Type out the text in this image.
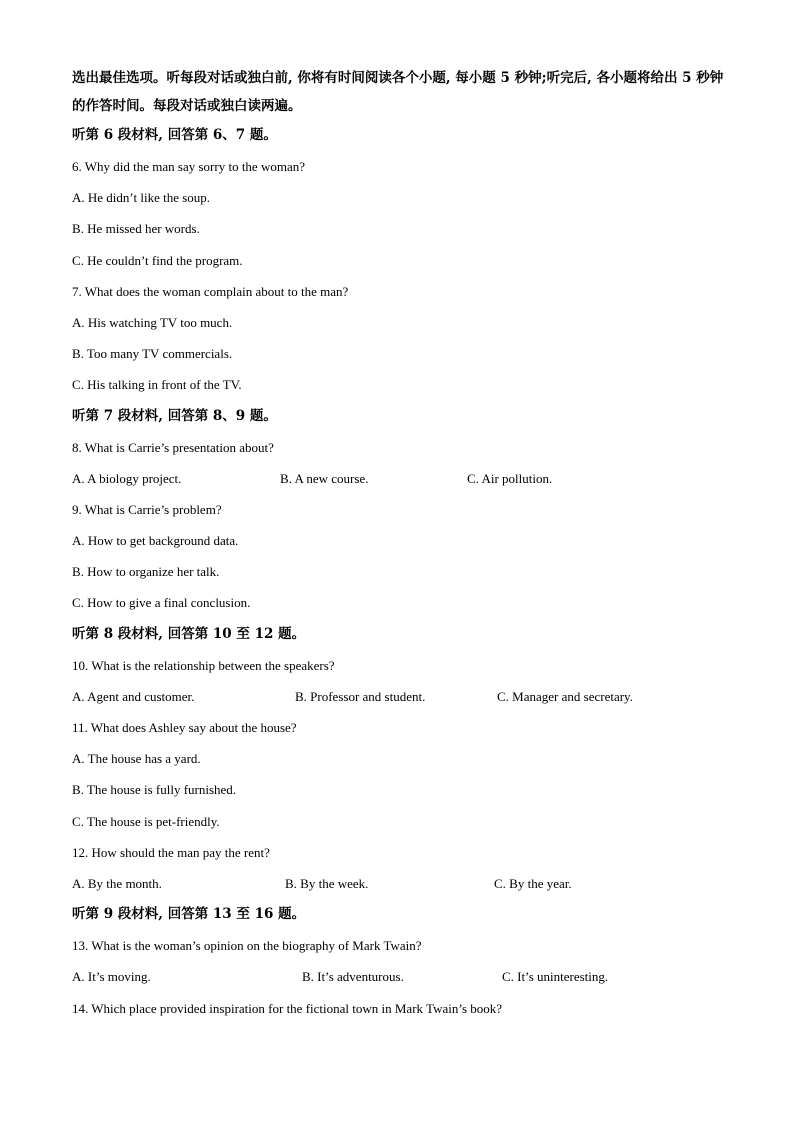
选出最佳选项。听每段对话或独白前, 你将有时间阅读各个小题, 每小题 5 秒钟;听完后, 各小题将给出 5 秒钟的作答时间。每段对话或独白读两遍。

听第 6 段材料, 回答第 6、7 题。

6. Why did the man say sorry to the woman?

A. He didn’t like the soup.

B. He missed her words.

C. He couldn’t find the program.

7. What does the woman complain about to the man?

A. His watching TV too much.

B. Too many TV commercials.

C. His talking in front of the TV.

听第 7 段材料, 回答第 8、9 题。

8. What is Carrie’s presentation about?

A. A biology project.	B. A new course.	C. Air pollution.

9. What is Carrie’s problem?

A. How to get background data.

B. How to organize her talk.

C. How to give a final conclusion.

听第 8 段材料, 回答第 10 至 12 题。

10. What is the relationship between the speakers?

A. Agent and customer.	B. Professor and student.	C. Manager and secretary.

11. What does Ashley say about the house?

A. The house has a yard.

B. The house is fully furnished.

C. The house is pet-friendly.

12. How should the man pay the rent?

A. By the month.	B. By the week.	C. By the year.

听第 9 段材料, 回答第 13 至 16 题。

13. What is the woman’s opinion on the biography of Mark Twain?

A. It’s moving.	B. It’s adventurous.	C. It’s uninteresting.

14. Which place provided inspiration for the fictional town in Mark Twain’s book?
